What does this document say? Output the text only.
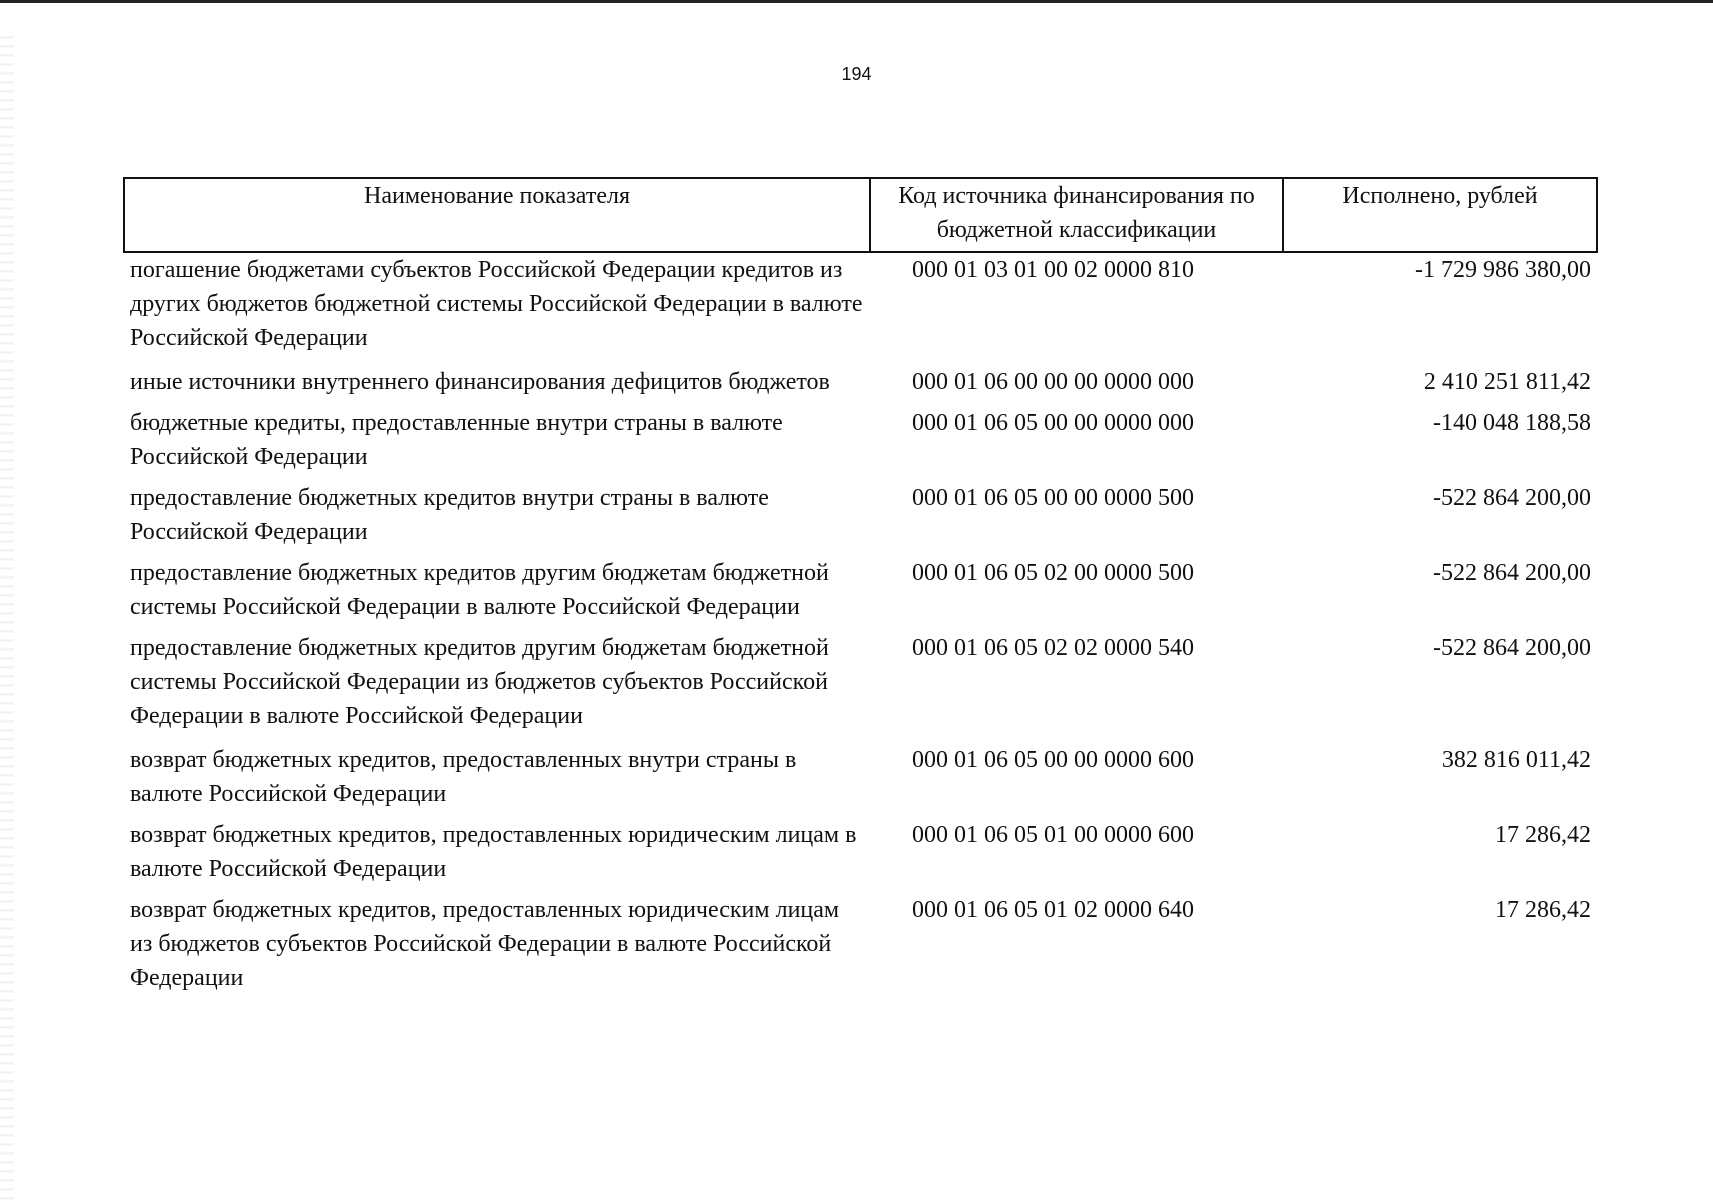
194
Наименование показателя	Код источника финансирования по бюджетной классификации	Исполнено, рублей
погашение бюджетами субъектов Российской Федерации кредитов из других бюджетов бюджетной системы Российской Федерации в валюте Российской Федерации	000 01 03 01 00 02 0000 810	-1 729 986 380,00
иные источники внутреннего финансирования дефицитов бюджетов	000 01 06 00 00 00 0000 000	2 410 251 811,42
бюджетные кредиты, предоставленные внутри страны в валюте Российской Федерации	000 01 06 05 00 00 0000 000	-140 048 188,58
предоставление бюджетных кредитов внутри страны в валюте Российской Федерации	000 01 06 05 00 00 0000 500	-522 864 200,00
предоставление бюджетных кредитов другим бюджетам бюджетной системы Российской Федерации в валюте Российской Федерации	000 01 06 05 02 00 0000 500	-522 864 200,00
предоставление бюджетных кредитов другим бюджетам бюджетной системы Российской Федерации из бюджетов субъектов Российской Федерации в валюте Российской Федерации	000 01 06 05 02 02 0000 540	-522 864 200,00
возврат бюджетных кредитов, предоставленных внутри страны в валюте Российской Федерации	000 01 06 05 00 00 0000 600	382 816 011,42
возврат бюджетных кредитов, предоставленных юридическим лицам в валюте Российской Федерации	000 01 06 05 01 00 0000 600	17 286,42
возврат бюджетных кредитов, предоставленных юридическим лицам из бюджетов субъектов Российской Федерации в валюте Российской Федерации	000 01 06 05 01 02 0000 640	17 286,42
